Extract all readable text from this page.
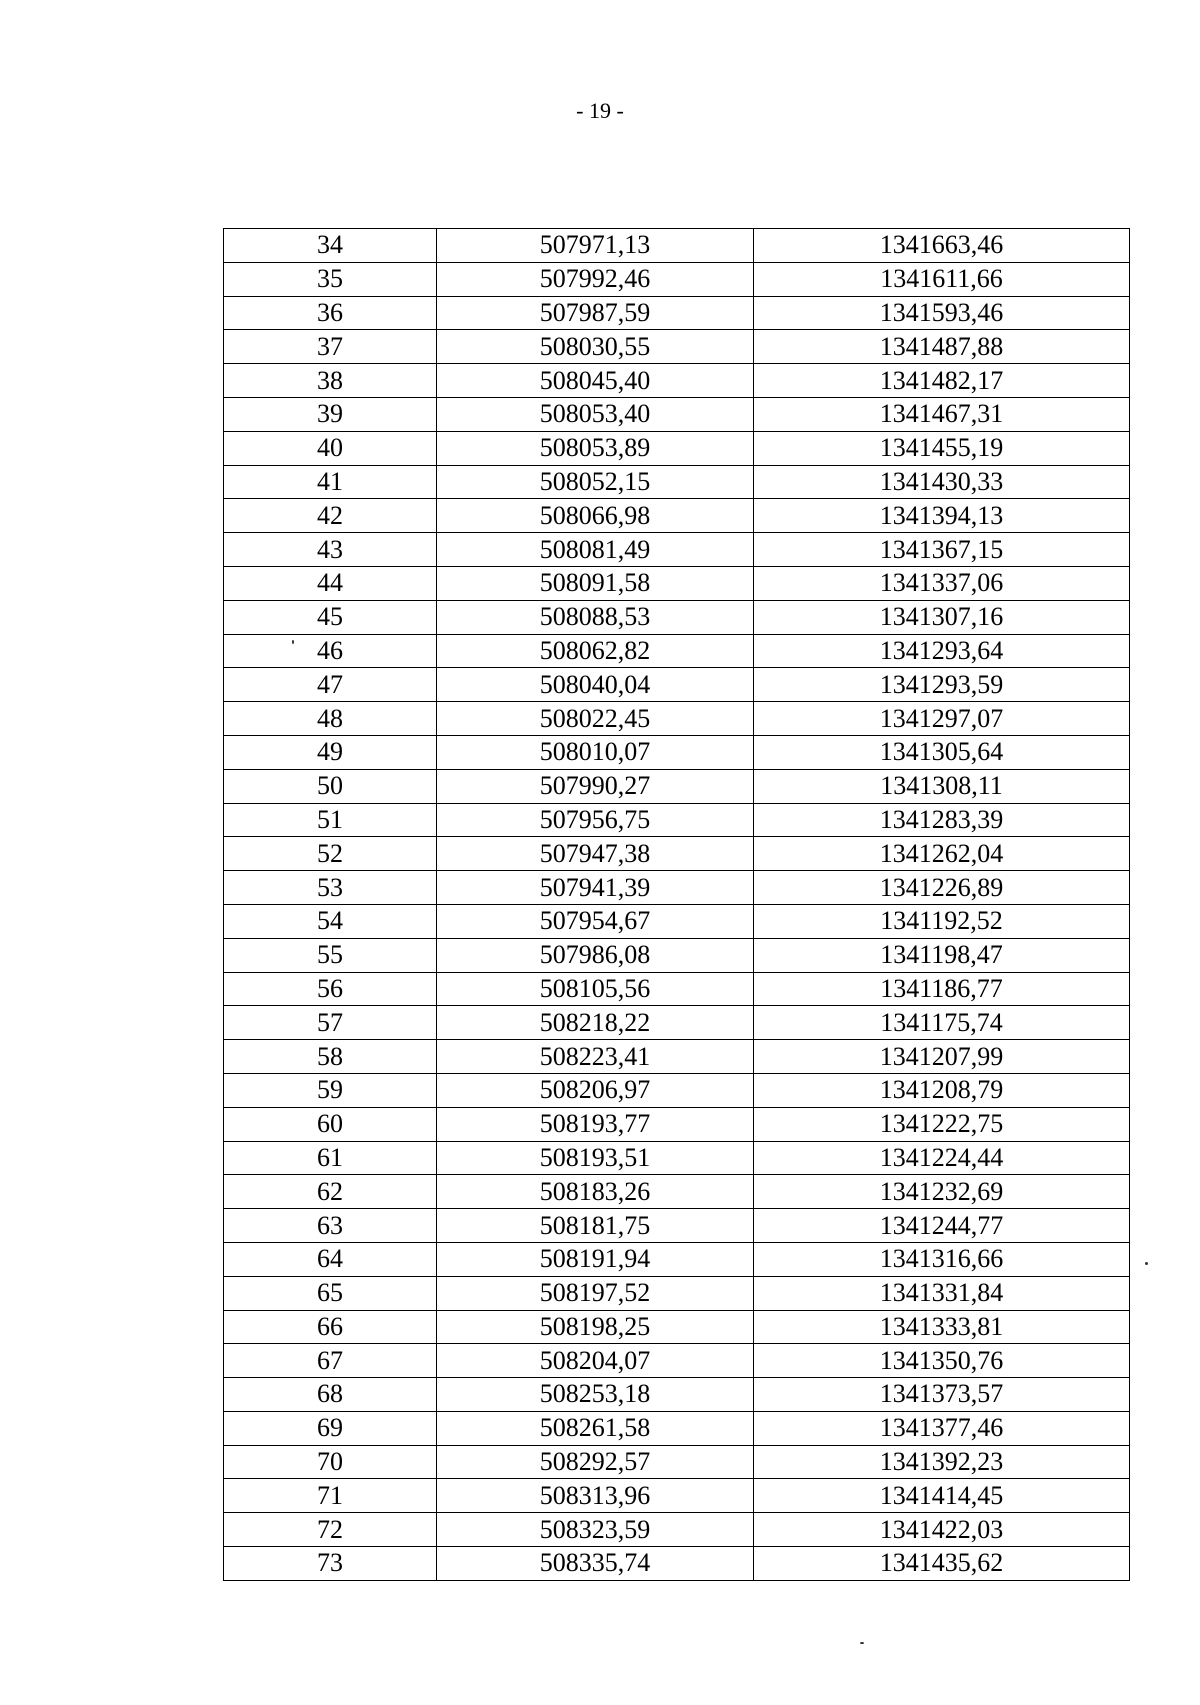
- 19 -
34	507971,13	1341663,46
35	507992,46	1341611,66
36	507987,59	1341593,46
37	508030,55	1341487,88
38	508045,40	1341482,17
39	508053,40	1341467,31
40	508053,89	1341455,19
41	508052,15	1341430,33
42	508066,98	1341394,13
43	508081,49	1341367,15
44	508091,58	1341337,06
45	508088,53	1341307,16
46	508062,82	1341293,64
47	508040,04	1341293,59
48	508022,45	1341297,07
49	508010,07	1341305,64
50	507990,27	1341308,11
51	507956,75	1341283,39
52	507947,38	1341262,04
53	507941,39	1341226,89
54	507954,67	1341192,52
55	507986,08	1341198,47
56	508105,56	1341186,77
57	508218,22	1341175,74
58	508223,41	1341207,99
59	508206,97	1341208,79
60	508193,77	1341222,75
61	508193,51	1341224,44
62	508183,26	1341232,69
63	508181,75	1341244,77
64	508191,94	1341316,66
65	508197,52	1341331,84
66	508198,25	1341333,81
67	508204,07	1341350,76
68	508253,18	1341373,57
69	508261,58	1341377,46
70	508292,57	1341392,23
71	508313,96	1341414,45
72	508323,59	1341422,03
73	508335,74	1341435,62
